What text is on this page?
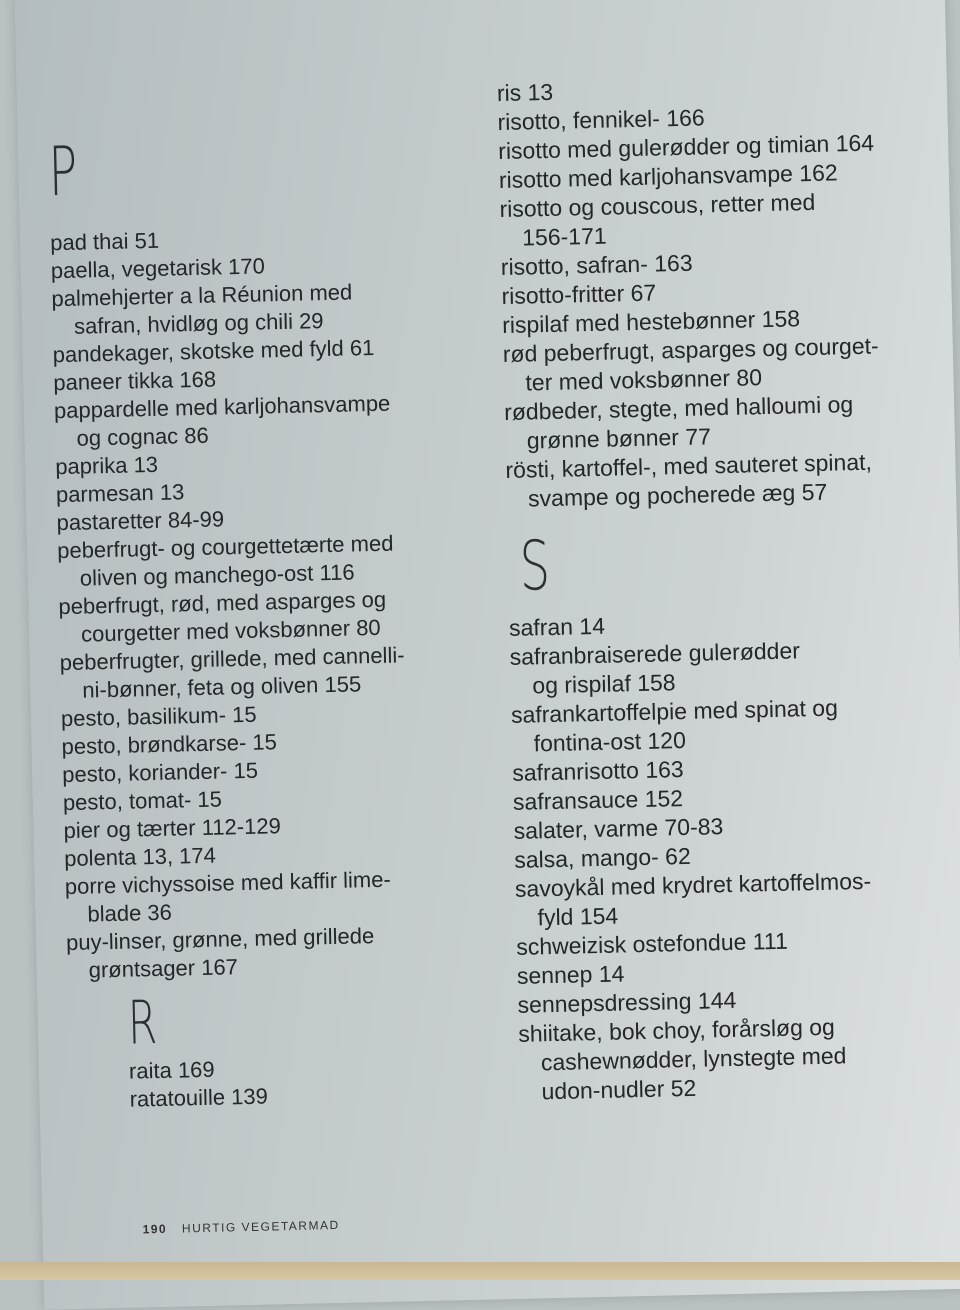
P
pad thai 51
paella, vegetarisk 170
palmehjerter a la Réunion med
safran, hvidløg og chili 29
pandekager, skotske med fyld 61
paneer tikka 168
pappardelle med karljohansvampe
og cognac 86
paprika 13
parmesan 13
pastaretter 84-99
peberfrugt- og courgettetærte med
oliven og manchego-ost 116
peberfrugt, rød, med asparges og
courgetter med voksbønner 80
peberfrugter, grillede, med cannelli-
ni-bønner, feta og oliven 155
pesto, basilikum- 15
pesto, brøndkarse- 15
pesto, koriander- 15
pesto, tomat- 15
pier og tærter 112-129
polenta 13, 174
porre vichyssoise med kaffir lime-
blade 36
puy-linser, grønne, med grillede
grøntsager 167
R
raita 169
ratatouille 139
ris 13
risotto, fennikel- 166
risotto med gulerødder og timian 164
risotto med karljohansvampe 162
risotto og couscous, retter med
156-171
risotto, safran- 163
risotto-fritter 67
rispilaf med hestebønner 158
rød peberfrugt, asparges og courget-
ter med voksbønner 80
rødbeder, stegte, med halloumi og
grønne bønner 77
rösti, kartoffel-, med sauteret spinat,
svampe og pocherede æg 57
S
safran 14
safranbraiserede gulerødder
og rispilaf 158
safrankartoffelpie med spinat og
fontina-ost 120
safranrisotto 163
safransauce 152
salater, varme 70-83
salsa, mango- 62
savoykål med krydret kartoffelmos-
fyld 154
schweizisk ostefondue 111
sennep 14
sennepsdressing 144
shiitake, bok choy, forårsløg og
cashewnødder, lynstegte med
udon-nudler 52
190 HURTIG VEGETARMAD
